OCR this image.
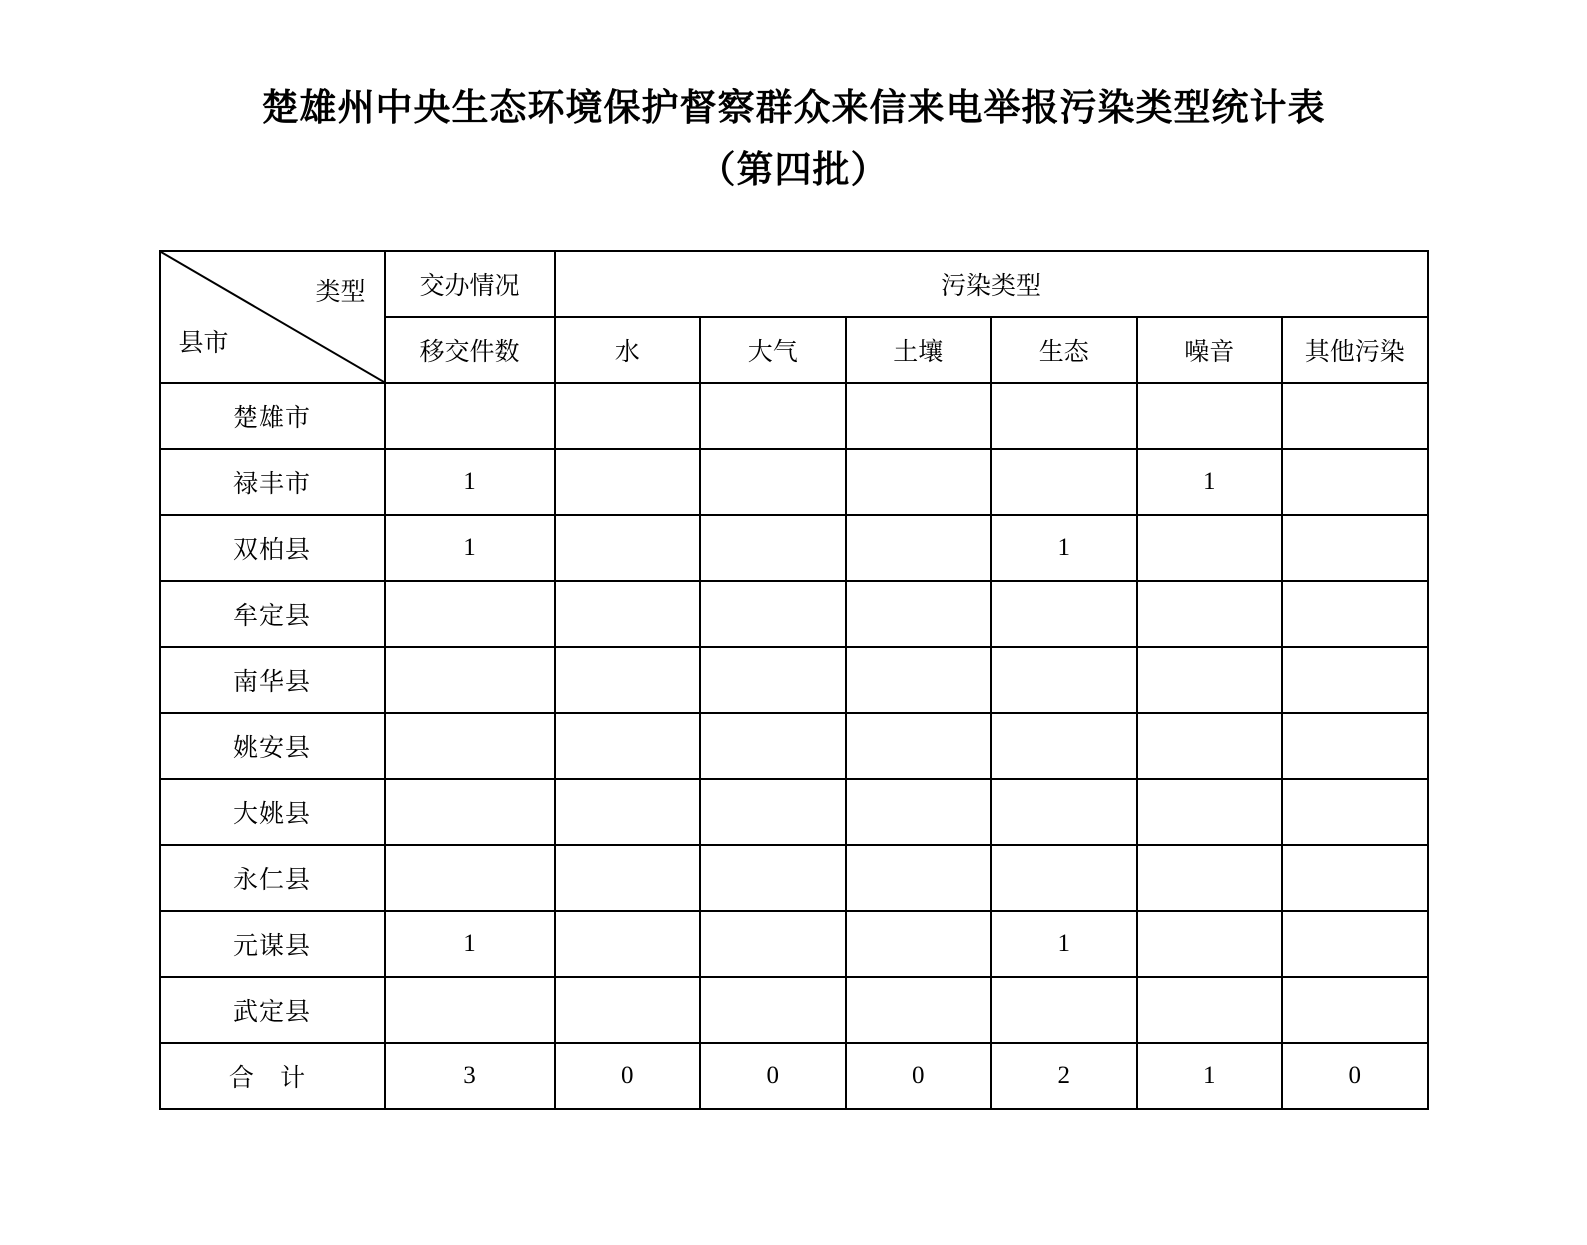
楚雄州中央生态环境保护督察群众来信来电举报污染类型统计表
（第四批）
类型
县市	交办情况	污染类型					
	移交件数	水	大气	土壤	生态	噪音	其他污染
楚雄市							
禄丰市	1					1	
双柏县	1				1		
牟定县							
南华县							
姚安县							
大姚县							
永仁县							
元谋县	1				1		
武定县							
合 计	3	0	0	0	2	1	0
